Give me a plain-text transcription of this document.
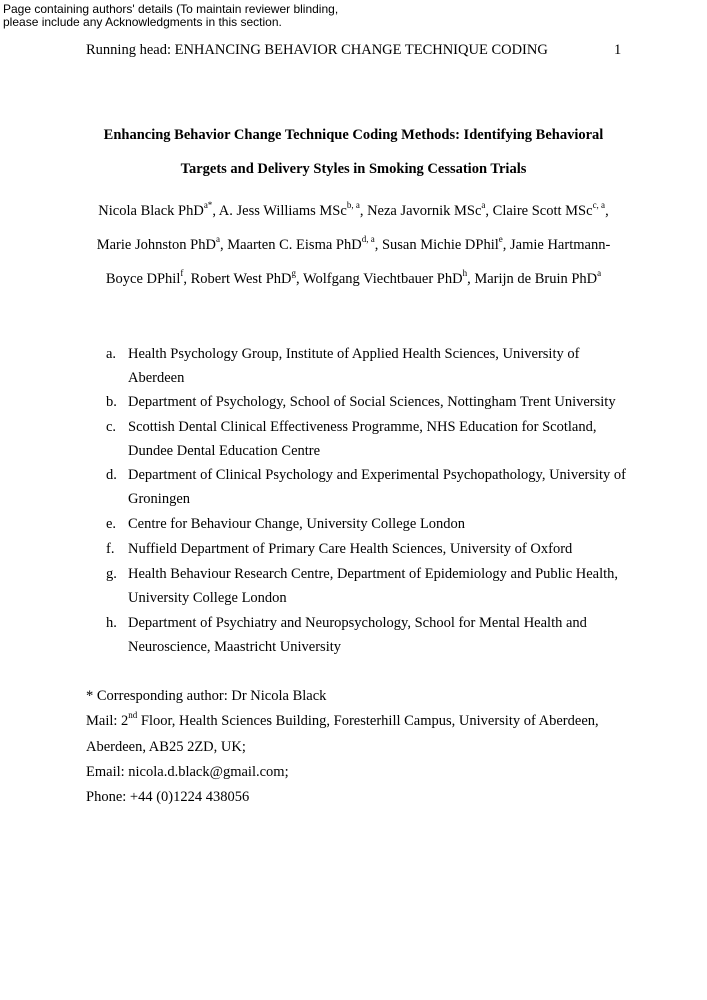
Page containing authors' details (To maintain reviewer blinding,
please include any Acknowledgments in this section.
Running head: ENHANCING BEHAVIOR CHANGE TECHNIQUE CODING	1
Enhancing Behavior Change Technique Coding Methods: Identifying Behavioral
Targets and Delivery Styles in Smoking Cessation Trials
Nicola Black PhD$^{a*}$, A. Jess Williams MSc$^{b, a}$, Neza Javornik MSc$^a$, Claire Scott MSc$^{c, a}$,
Marie Johnston PhD$^a$, Maarten C. Eisma PhD$^{d, a}$, Susan Michie DPhil$^e$, Jamie Hartmann-
Boyce DPhil$^f$, Robert West PhD$^g$, Wolfgang Viechtbauer PhD$^h$, Marijn de Bruin PhD$^a$
a. Health Psychology Group, Institute of Applied Health Sciences, University of
Aberdeen
b. Department of Psychology, School of Social Sciences, Nottingham Trent University
c. Scottish Dental Clinical Effectiveness Programme, NHS Education for Scotland,
Dundee Dental Education Centre
d. Department of Clinical Psychology and Experimental Psychopathology, University of
Groningen
e. Centre for Behaviour Change, University College London
f. Nuffield Department of Primary Care Health Sciences, University of Oxford
g. Health Behaviour Research Centre, Department of Epidemiology and Public Health,
University College London
h. Department of Psychiatry and Neuropsychology, School for Mental Health and
Neuroscience, Maastricht University
* Corresponding author: Dr Nicola Black
Mail: 2nd Floor, Health Sciences Building, Foresterhill Campus, University of Aberdeen,
Aberdeen, AB25 2ZD, UK;
Email: nicola.d.black@gmail.com;
Phone: +44 (0)1224 438056
